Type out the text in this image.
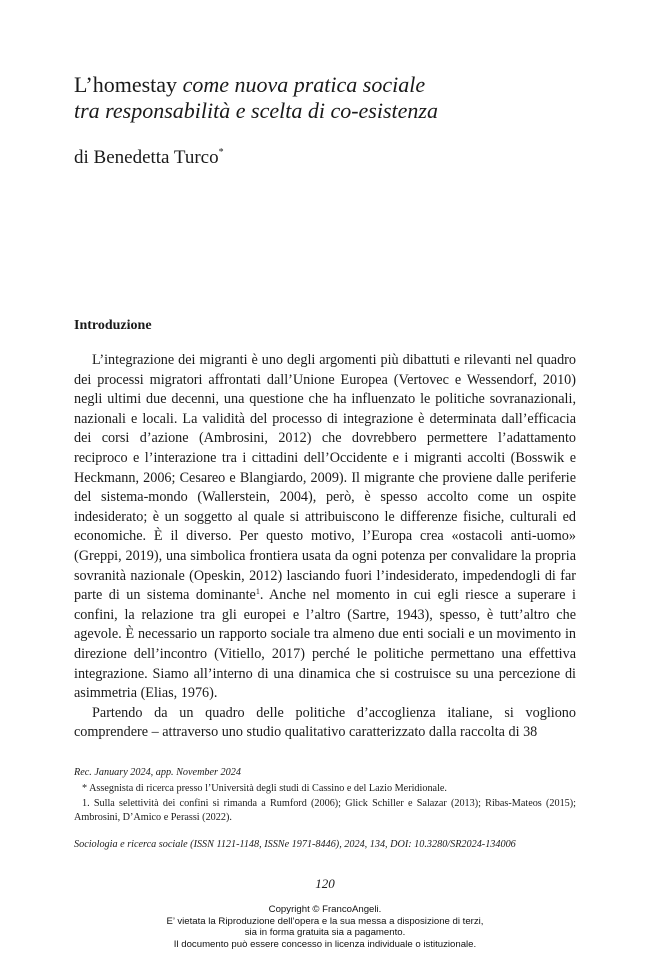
L’homestay come nuova pratica sociale
tra responsabilità e scelta di co-esistenza
di Benedetta Turco*
Introduzione

L’integrazione dei migranti è uno degli argomenti più dibattuti e rilevanti nel quadro dei processi migratori affrontati dall’Unione Europea (Vertovec e Wessendorf, 2010) negli ultimi due decenni, una questione che ha influenzato le politiche sovranazionali, nazionali e locali. La validità del processo di integrazione è determinata dall’efficacia dei corsi d’azione (Ambrosini, 2012) che dovrebbero permettere l’adattamento reciproco e l’interazione tra i cittadini dell’Occidente e i migranti accolti (Bosswik e Heckmann, 2006; Cesareo e Blangiardo, 2009). Il migrante che proviene dalle periferie del sistema-mondo (Wallerstein, 2004), però, è spesso accolto come un ospite indesiderato; è un soggetto al quale si attribuiscono le differenze fisiche, culturali ed economiche. È il diverso. Per questo motivo, l’Europa crea «ostacoli anti-uomo» (Greppi, 2019), una simbolica frontiera usata da ogni potenza per convalidare la propria sovranità nazionale (Opeskin, 2012) lasciando fuori l’indesiderato, impedendogli di far parte di un sistema dominante$^1$. Anche nel momento in cui egli riesce a superare i confini, la relazione tra gli europei e l’altro (Sartre, 1943), spesso, è tutt’altro che agevole. È necessario un rapporto sociale tra almeno due enti sociali e un movimento in direzione dell’incontro (Vitiello, 2017) perché le politiche permettano una effettiva integrazione. Siamo all’interno di una dinamica che si costruisce su una percezione di asimmetria (Elias, 1976).

Partendo da un quadro delle politiche d’accoglienza italiane, si vogliono comprendere – attraverso uno studio qualitativo caratterizzato dalla raccolta di 38

Rec. January 2024, app. November 2024

* Assegnista di ricerca presso l’Università degli studi di Cassino e del Lazio Meridionale.

1. Sulla selettività dei confini si rimanda a Rumford (2006); Glick Schiller e Salazar (2013); Ribas-Mateos (2015); Ambrosini, D’Amico e Perassi (2022).

Sociologia e ricerca sociale (ISSN 1121-1148, ISSNe 1971-8446), 2024, 134, DOI: 10.3280/SR2024-134006
120
Copyright © FrancoAngeli.
E’ vietata la Riproduzione dell’opera e la sua messa a disposizione di terzi,
sia in forma gratuita sia a pagamento.
Il documento può essere concesso in licenza individuale o istituzionale.
